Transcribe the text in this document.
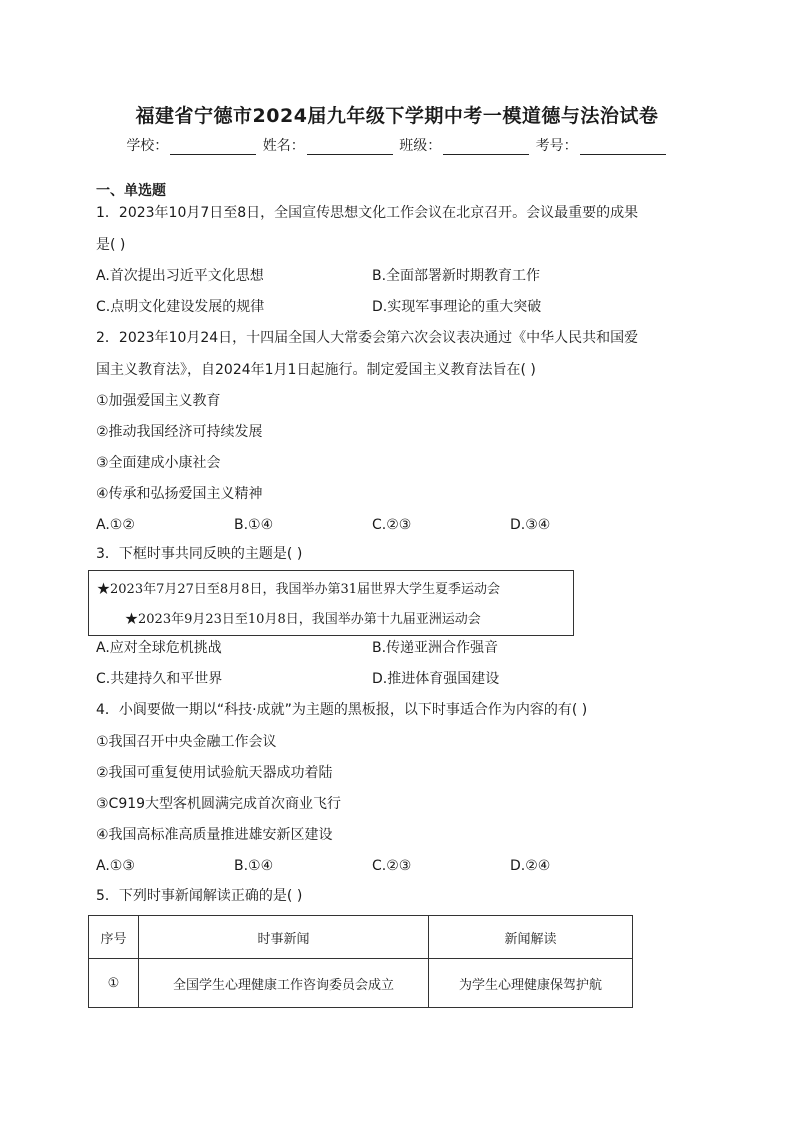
福建省宁德市2024届九年级下学期中考一模道德与法治试卷
学校：	姓名：	班级：	考号：
一、单选题
1．2023年10月7日至8日，全国宣传思想文化工作会议在北京召开。会议最重要的成果
是( )
A.首次提出习近平文化思想	B.全面部署新时期教育工作
C.点明文化建设发展的规律	D.实现军事理论的重大突破
2．2023年10月24日，十四届全国人大常委会第六次会议表决通过《中华人民共和国爱
国主义教育法》，自2024年1月1日起施行。制定爱国主义教育法旨在( )
①加强爱国主义教育
②推动我国经济可持续发展
③全面建成小康社会
④传承和弘扬爱国主义精神
A.①②	B.①④	C.②③	D.③④
3．下框时事共同反映的主题是( )
★2023年7月27日至8月8日，我国举办第31届世界大学生夏季运动会
★2023年9月23日至10月8日，我国举办第十九届亚洲运动会
A.应对全球危机挑战	B.传递亚洲合作强音
C.共建持久和平世界	D.推进体育强国建设
4．小阆要做一期以“科技·成就”为主题的黑板报，以下时事适合作为内容的有( )
①我国召开中央金融工作会议
②我国可重复使用试验航天器成功着陆
③C919大型客机圆满完成首次商业飞行
④我国高标准高质量推进雄安新区建设
A.①③	B.①④	C.②③	D.②④
5．下列时事新闻解读正确的是( )
序号	时事新闻	新闻解读
①	全国学生心理健康工作咨询委员会成立	为学生心理健康保驾护航
